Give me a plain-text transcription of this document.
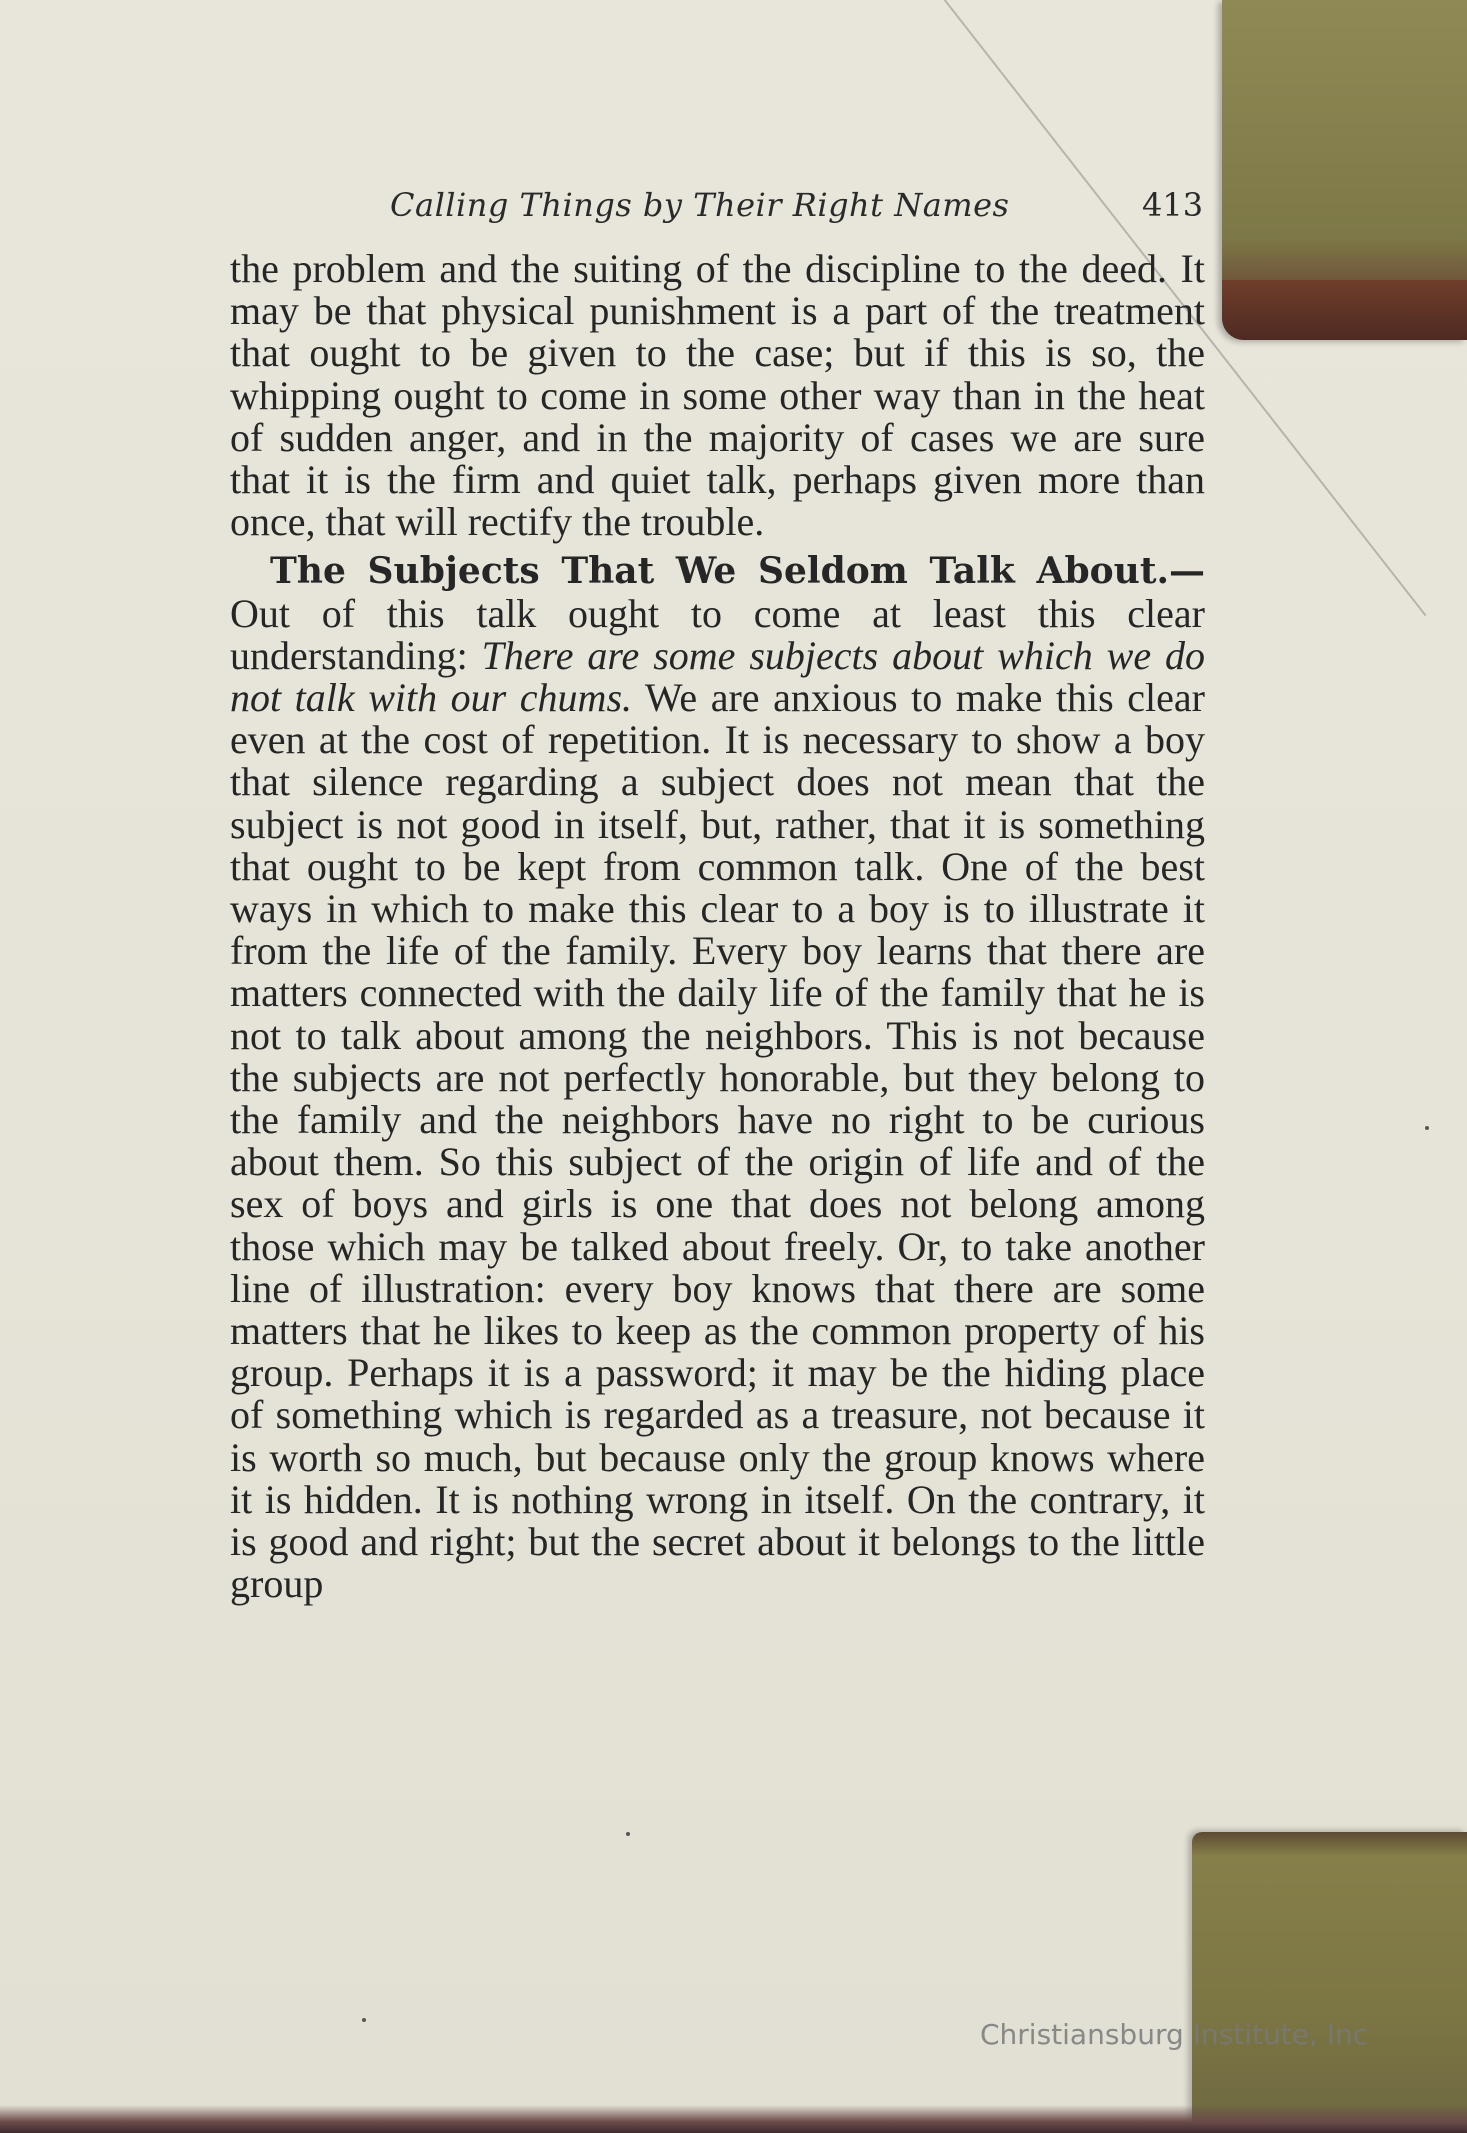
Calling Things by Their Right Names	413

the problem and the suiting of the discipline to the deed. It may be that physical punishment is a part of the treatment that ought to be given to the case; but if this is so, the whipping ought to come in some other way than in the heat of sudden anger, and in the majority of cases we are sure that it is the firm and quiet talk, perhaps given more than once, that will rectify the trouble.

The Subjects That We Seldom Talk About.—Out of this talk ought to come at least this clear understanding: There are some subjects about which we do not talk with our chums. We are anxious to make this clear even at the cost of repetition. It is necessary to show a boy that silence regarding a subject does not mean that the subject is not good in itself, but, rather, that it is something that ought to be kept from common talk. One of the best ways in which to make this clear to a boy is to illustrate it from the life of the family. Every boy learns that there are matters connected with the daily life of the family that he is not to talk about among the neighbors. This is not because the subjects are not perfectly honorable, but they belong to the family and the neighbors have no right to be curious about them. So this subject of the origin of life and of the sex of boys and girls is one that does not belong among those which may be talked about freely. Or, to take another line of illustration: every boy knows that there are some matters that he likes to keep as the common property of his group. Perhaps it is a password; it may be the hiding place of something which is regarded as a treasure, not because it is worth so much, but because only the group knows where it is hidden. It is nothing wrong in itself. On the contrary, it is good and right; but the secret about it belongs to the little group

Christiansburg Institute, Inc
